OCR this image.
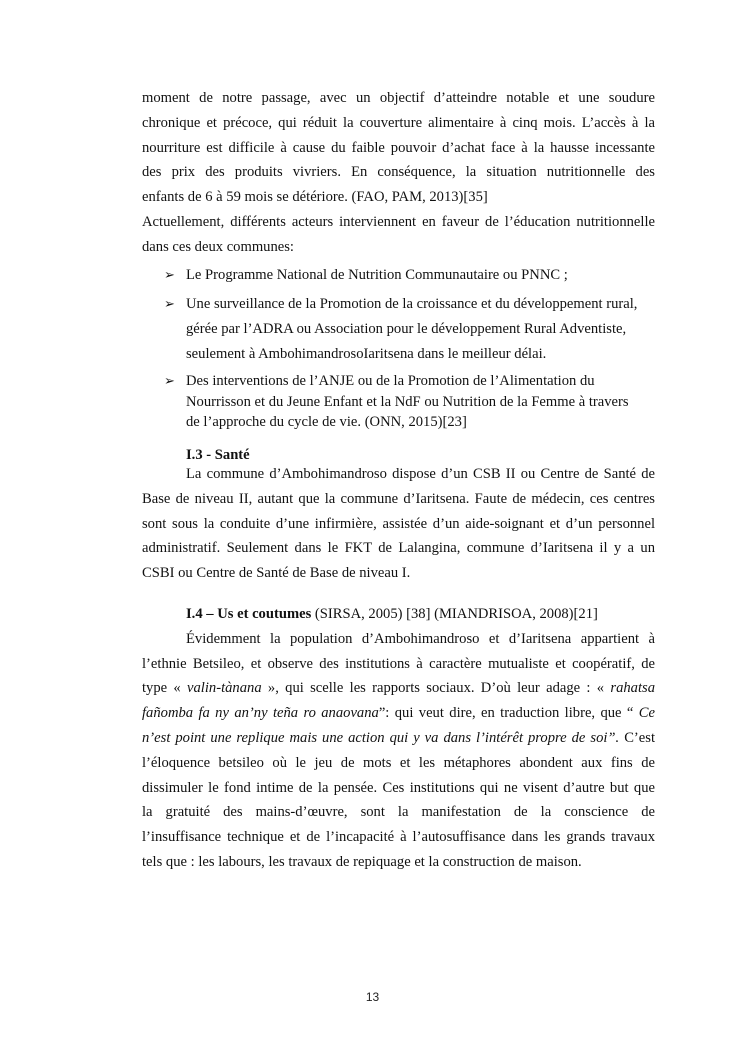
moment de notre passage, avec un objectif d’atteindre notable et une soudure
chronique et précoce, qui réduit la couverture alimentaire à cinq mois. L’accès à la
nourriture est difficile à cause du faible pouvoir d’achat face à la hausse incessante
des prix des produits vivriers. En conséquence, la situation nutritionnelle des
enfants de 6 à 59 mois se détériore. (FAO, PAM, 2013)[35]
Actuellement, différents acteurs interviennent en faveur de l’éducation nutritionnelle
dans ces deux communes:
➢ Le Programme National de Nutrition Communautaire ou PNNC ;
➢ Une surveillance de la Promotion de la croissance et du développement rural,
gérée par l’ADRA ou Association pour le développement Rural Adventiste,
seulement à AmbohimandrosoIaritsena dans le meilleur délai.
➢ Des interventions de l’ANJE ou de la Promotion de l’Alimentation du
Nourrisson et du Jeune Enfant et la NdF ou Nutrition de la Femme à travers
de l’approche du cycle de vie. (ONN, 2015)[23]
I.3 - Santé
La commune d’Ambohimandroso dispose d’un CSB II ou Centre de Santé de
Base de niveau II, autant que la commune d’Iaritsena. Faute de médecin, ces centres
sont sous la conduite d’une infirmière, assistée d’un aide-soignant et d’un personnel
administratif. Seulement dans le FKT de Lalangina, commune d’Iaritsena il y a un
CSBI ou Centre de Santé de Base de niveau I.
I.4 – Us et coutumes (SIRSA, 2005) [38] (MIANDRISOA, 2008)[21]
Évidemment la population d’Ambohimandroso et d’Iaritsena appartient à
l’ethnie Betsileo, et observe des institutions à caractère mutualiste et coopératif, de
type « valin-tànana », qui scelle les rapports sociaux. D’où leur adage : « rahatsa
fañomba fa ny an’ny teña ro anaovana”: qui veut dire, en traduction libre, que “ Ce
n’est point une replique mais une action qui y va dans l’intérêt propre de soi”. C’est
l’éloquence betsileo où le jeu de mots et les métaphores abondent aux fins de
dissimuler le fond intime de la pensée. Ces institutions qui ne visent d’autre but que
la gratuité des mains-d’œuvre, sont la manifestation de la conscience de
l’insuffisance technique et de l’incapacité à l’autosuffisance dans les grands travaux
tels que : les labours, les travaux de repiquage et la construction de maison.
13
